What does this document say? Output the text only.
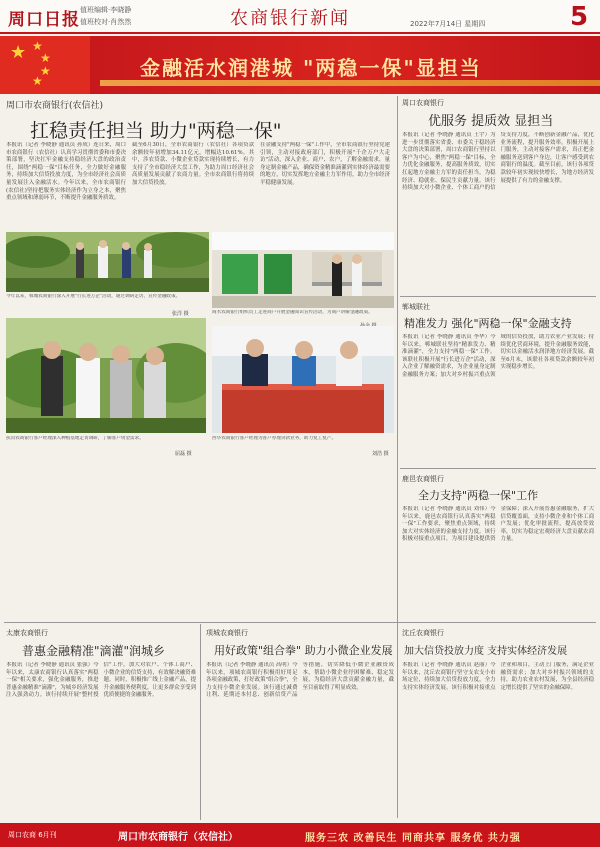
周口日报 值班编辑·李晓静
值班校对·肖然然	农商银行新闻	2022年7月14日 星期四	5
★ ★
★
★
★
金融活水润港城 "两稳一保"显担当
周口市农商银行(农信社)
扛稳责任担当 助力"两稳一保"
本报讯（记者 李晓静 通讯员 孙成）连日来，周口市农商银行（农信社）认真学习贯彻省委和市委决策部署，坚决扛牢金融支持稳经济大盘的政治责任，围绕"两稳一保"目标任务，全力做好金融服务，持续加大信贷投放力度，为全市经济社会高质量发展注入金融活水。今年以来，全市农商银行(农信社)坚持把服务实体经济作为立身之本，聚焦重点领域和薄弱环节，不断提升金融服务质效。
截至6月30日，全市农商银行（农信社）各项贷款余额较年初增加34.11亿元，增幅达10.61%。其中，涉农贷款、小微企业贷款实现持续增长，有力支持了全市稳经济大盘工作，为助力周口经济社会高质量发展贡献了农商力量。全市农商银行将持续加大信贷投放。
在金融支持"两稳一保"工作中，全市农商银行坚持党建引领，主动对接政府部门，积极开展"千企万户大走访"活动，深入企业、商户、农户，了解金融需求，量身定制金融产品，确保资金精准滴灌到实体经济最需要的地方，切实发挥地方金融主力军作用，助力全市经济平稳健康发展。
今年以来，郸城农商银行深入开展"行长进万企"活动，通过调研走访，宣传金融政策。
张洋 摄	商水农商银行组织员工走进商户开展金融知识宣传活动，为商户讲解金融政策。
扶沟农商银行客户经理深入种植基地走访调研，了解客户资金需求。
屈磊 摄
西华农商银行客户经理为客户办理贷款业务，助力复工复产。
刘浩 摄
周口农商银行
优服务 提质效 显担当
本报讯（记者 李晓静 通讯员 王宇）为进一步贯彻落实省委、市委关于稳经济大盘的决策部署，周口农商银行坚持以客户为中心，聚焦"两稳一保"目标，全力优化金融服务，提高服务质效，切实扛起地方金融主力军的责任担当，为稳经济、稳就业、保民生贡献力量。该行持续加大对小微企业、个体工商户的信贷支持力度，不断创新金融产品，优化业务流程，提升服务效率，积极开展上门服务，主动对接客户需求，真正把金融服务送到客户身边，让客户感受到农商银行的温度。截至目前，该行各项贷款较年初实现较快增长，为地方经济发展提供了有力的金融支撑。
郸城联社
精准发力 强化"两稳一保"金融支持
本报讯（记者 李晓静 通讯员 李华）今年以来，郸城联社坚持"精准发力、精准滴灌"，全力支持"两稳一保"工作。该联社积极开展"行长进万企"活动，深入企业了解融资需求，为企业量身定制金融服务方案；加大对乡村振兴重点领域的信贷投放，助力农业产业发展；持续优化营商环境，提升金融服务效能，切实以金融活水润泽地方经济发展。截至6月末，该联社各项贷款余额较年初实现稳步增长。
鹿邑农商银行
全力支持"两稳一保"工作
本报讯（记者 李晓静 通讯员 刘伟）今年以来，鹿邑农商银行认真落实"两稳一保"工作要求，聚焦重点领域，持续加大对实体经济的金融支持力度。该行积极对接重点项目，为项目建设提供资金保障；深入开展普惠金融服务，扩大信贷覆盖面，支持小微企业和个体工商户发展；优化审批流程，提高放贷效率，切实为稳定宏观经济大盘贡献农商力量。
太康农商银行
普惠金融精准"滴灌"润城乡
本报讯（记者 李晓静 通讯员 张强）今年以来，太康农商银行认真落实"两稳一保"相关要求，强化金融服务，推进普惠金融精准"滴灌"，为城乡经济发展注入强劲动力。该行持续开展"整村授信"工作，加大对农户、个体工商户、小微企业的信贷支持，有效解决融资难题。同时，积极推广线上金融产品，提升金融服务便利度，让更多群众享受到优质便捷的金融服务。
项城农商银行
用好政策"组合拳" 助力小微企业发展
本报讯（记者 李晓静 通讯员 高明）今年以来，项城农商银行积极用好用足各项金融政策，打好政策"组合拳"，全力支持小微企业发展。该行通过减费让利、延期还本付息、创新信贷产品等措施，切实降低小微企业融资成本，帮助小微企业纾困解难、稳定发展，为稳经济大盘贡献金融力量，截至目前取得了明显成效。
沈丘农商银行
加大信贷投放力度 支持实体经济发展
本报讯（记者 李晓静 通讯员 赵丽）今年以来，沈丘农商银行坚守支农支小市场定位，持续加大信贷投放力度，全力支持实体经济发展。该行积极对接重点企业和项目，主动上门服务，满足企业融资需求；加大对乡村振兴领域的支持，助力农业农村发展，为全县经济稳定增长提供了坚实的金融保障。
周口农商 6月刊	周口市农商银行（农信社）	服务三农 改善民生 同商共享 服务优 共力强
